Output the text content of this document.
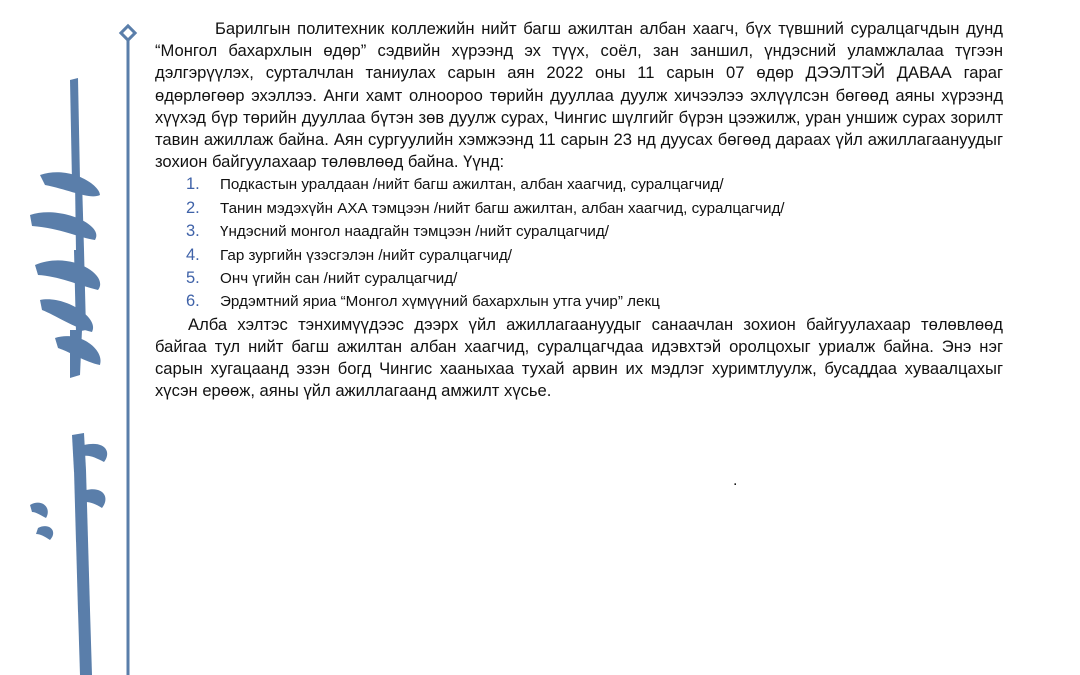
Барилгын политехник коллежийн нийт багш ажилтан албан хаагч, бүх түвшний суралцагчдын дунд “Монгол бахархлын өдөр” сэдвийн хүрээнд эх түүх, соёл, зан заншил, үндэсний уламжлалаа түгээн дэлгэрүүлэх, сурталчлан таниулах сарын аян 2022 оны 11 сарын 07 өдөр ДЭЭЛТЭЙ ДАВАА гараг өдөрлөгөөр эхэллээ. Анги хамт олноороо төрийн дууллаа дуулж хичээлээ эхлүүлсэн бөгөөд аяны хүрээнд хүүхэд бүр төрийн дууллаа бүтэн зөв дуулж сурах, Чингис шүлгийг бүрэн цээжилж, уран уншиж сурах зорилт тавин ажиллаж байна. Аян сургуулийн хэмжээнд 11 сарын 23 нд дуусах бөгөөд дараах үйл ажиллагаануудыг зохион байгуулахаар төлөвлөөд байна. Үүнд:

1.	Подкастын уралдаан /нийт багш ажилтан, албан хаагчид, суралцагчид/
2.	Танин мэдэхүйн АХА тэмцээн /нийт багш ажилтан, албан хаагчид, суралцагчид/
3.	Үндэсний монгол наадгайн тэмцээн /нийт суралцагчид/
4.	Гар зургийн үзэсгэлэн /нийт суралцагчид/
5.	Онч үгийн сан /нийт суралцагчид/
6.	Эрдэмтний яриа “Монгол хүмүүний бахархлын утга учир” лекц

Алба хэлтэс тэнхимүүдээс дээрх үйл ажиллагаануудыг санаачлан зохион байгуулахаар төлөвлөөд байгаа тул нийт багш ажилтан албан хаагчид, суралцагчдаа идэвхтэй оролцохыг уриалж байна. Энэ нэг сарын хугацаанд эзэн богд Чингис хааныхаа тухай арвин их мэдлэг хуримтлуулж, бусаддаа хуваалцахыг хүсэн ерөөж, аяны үйл ажиллагаанд амжилт хүсье.

.
